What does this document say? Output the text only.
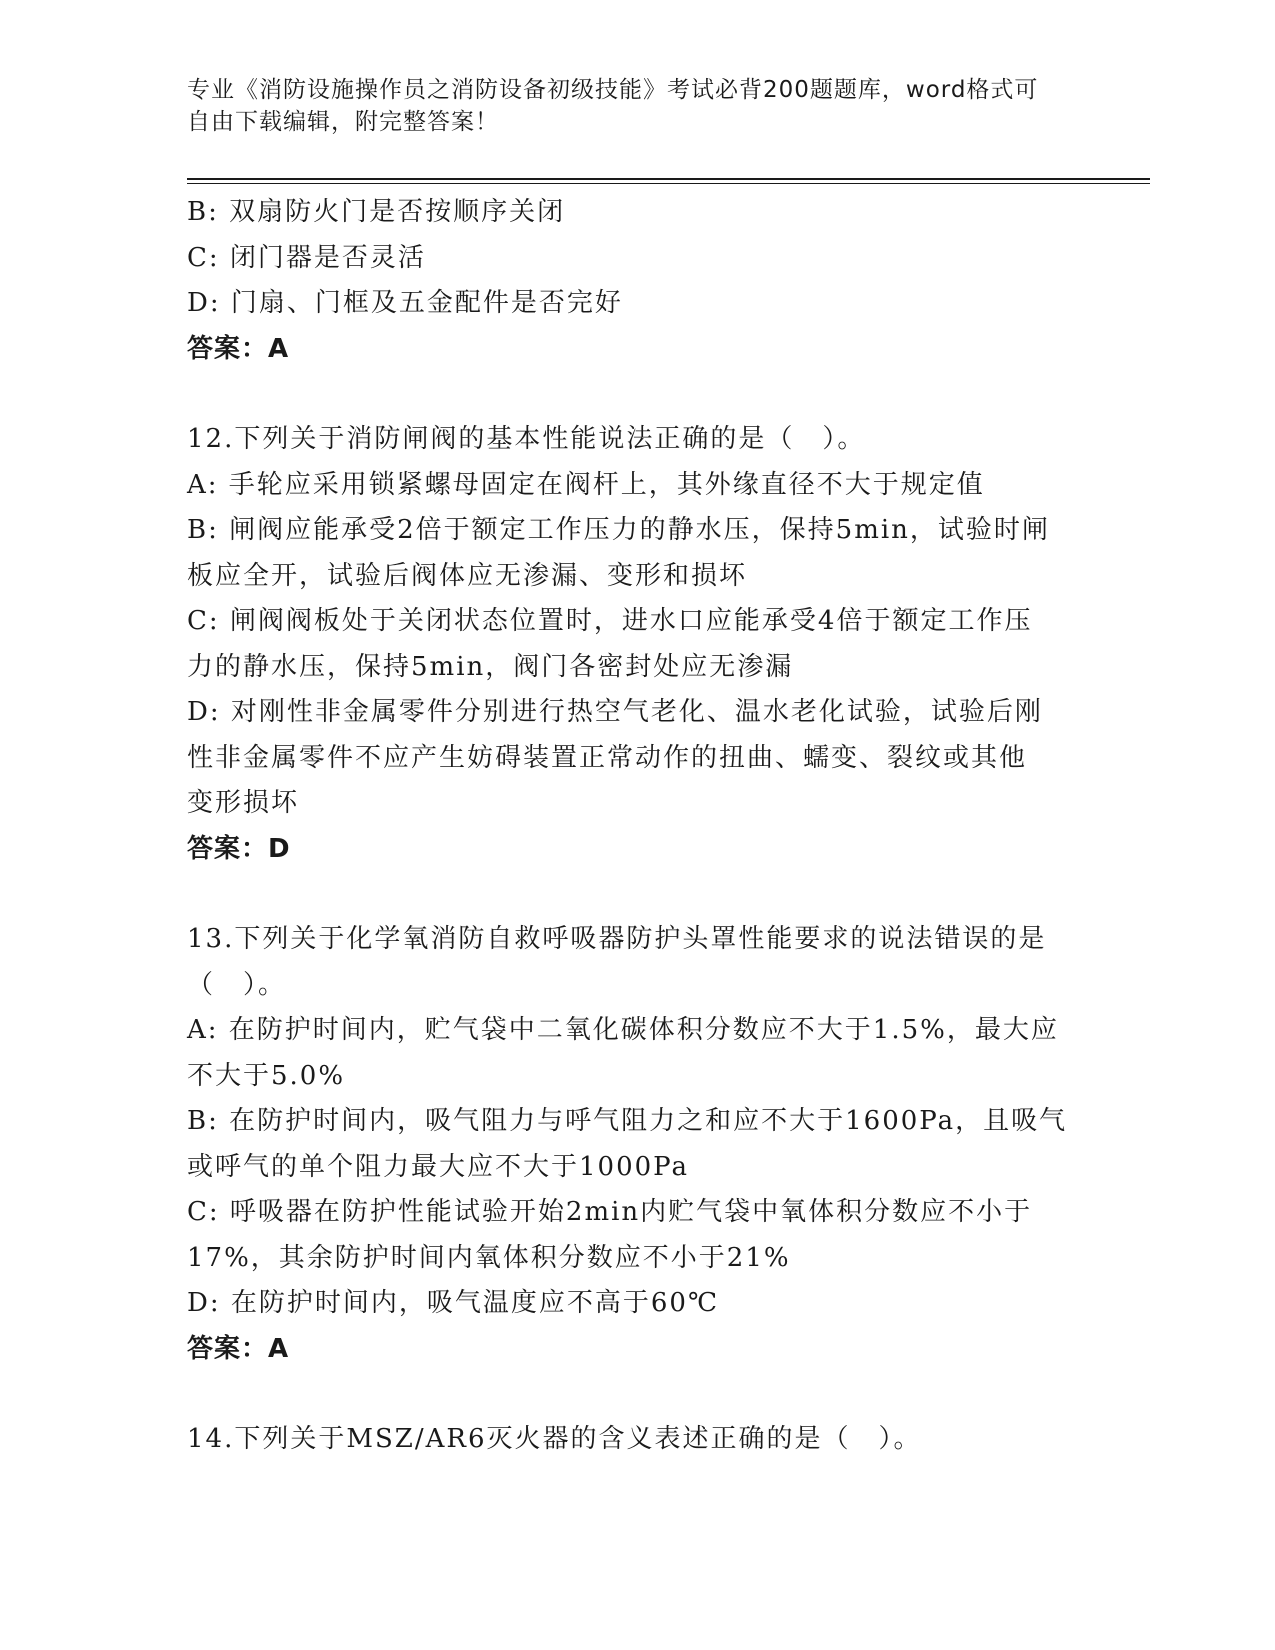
专业《消防设施操作员之消防设备初级技能》考试必背200题题库，word格式可

自由下载编辑，附完整答案！

B: 双扇防火门是否按顺序关闭

C: 闭门器是否灵活

D: 门扇、门框及五金配件是否完好

答案：A

12.下列关于消防闸阀的基本性能说法正确的是（　）。

A: 手轮应采用锁紧螺母固定在阀杆上，其外缘直径不大于规定值

B: 闸阀应能承受2倍于额定工作压力的静水压，保持5min，试验时闸

板应全开，试验后阀体应无渗漏、变形和损坏

C: 闸阀阀板处于关闭状态位置时，进水口应能承受4倍于额定工作压

力的静水压，保持5min，阀门各密封处应无渗漏

D: 对刚性非金属零件分别进行热空气老化、温水老化试验，试验后刚

性非金属零件不应产生妨碍装置正常动作的扭曲、蠕变、裂纹或其他

变形损坏

答案：D

13.下列关于化学氧消防自救呼吸器防护头罩性能要求的说法错误的是

（　）。

A: 在防护时间内，贮气袋中二氧化碳体积分数应不大于1.5%，最大应

不大于5.0%

B: 在防护时间内，吸气阻力与呼气阻力之和应不大于1600Pa，且吸气

或呼气的单个阻力最大应不大于1000Pa

C: 呼吸器在防护性能试验开始2min内贮气袋中氧体积分数应不小于

17%，其余防护时间内氧体积分数应不小于21%

D: 在防护时间内，吸气温度应不高于60℃

答案：A

14.下列关于MSZ/AR6灭火器的含义表述正确的是（　）。
